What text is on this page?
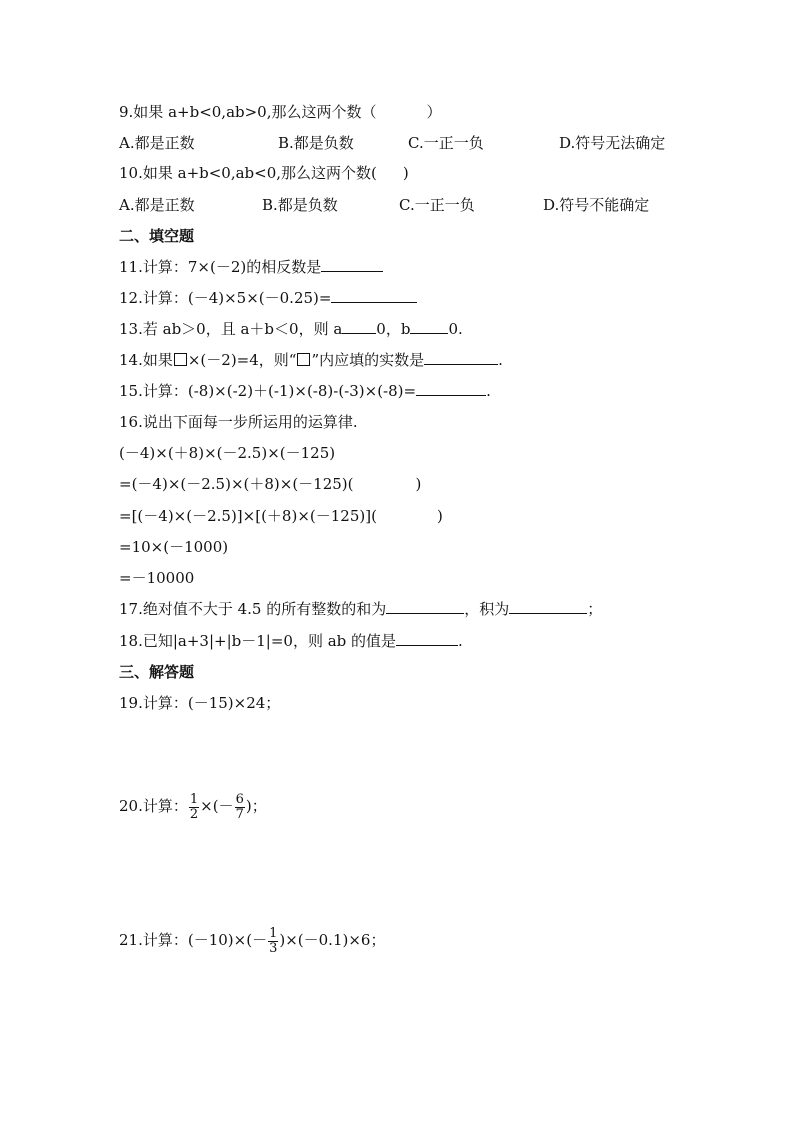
9.如果 a+b<0,ab>0,那么这两个数（	）
A.都是正数	B.都是负数	C.一正一负	D.符号无法确定
10.如果 a+b<0,ab<0,那么这两个数( )
A.都是正数	B.都是负数	C.一正一负	D.符号不能确定
二、填空题
11.计算：7×(－2)的相反数是
12.计算：(－4)×5×(－0.25)=
13.若 ab＞0，且 a＋b＜0，则 a 0，b	0.
14.如果 ×(－2)=4，则“ ”内应填的实数是	.
15.计算：(-8)×(-2)＋(-1)×(-8)-(-3)×(-8)=	.
16.说出下面每一步所运用的运算律.
(－4)×(＋8)×(－2.5)×(－125)
=(－4)×(－2.5)×(＋8)×(－125)(	)
=[(－4)×(－2.5)]×[(＋8)×(－125)](	)
=10×(－1000)
=－10000
17.绝对值不大于 4.5 的所有整数的和为	，积为	；
18.已知|a+3|+|b－1|=0，则 ab 的值是	.
三、解答题
19.计算：(－15)×24；
20.计算： $\frac{1}{2}$ ×(－ $\frac{6}{7}$ )；
21.计算：$(-10)\times(- \frac{1}{3} )\times(-0.1)\times 6$；
